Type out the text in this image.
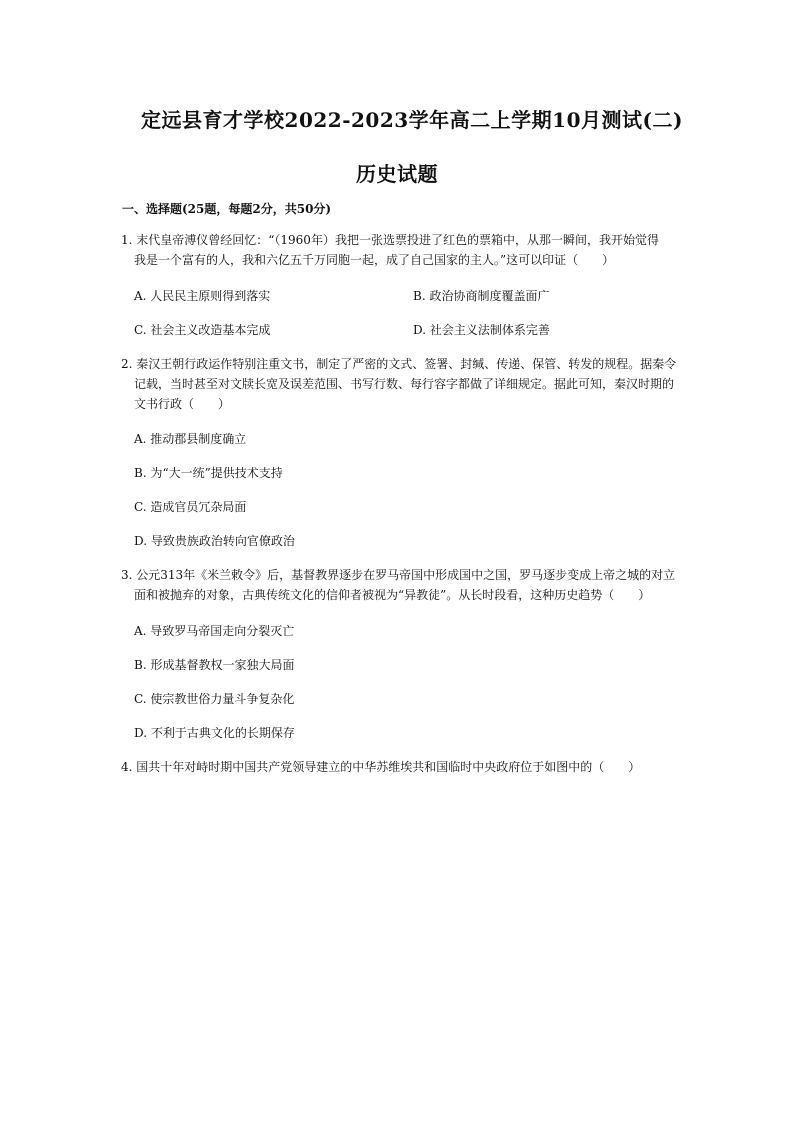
定远县育才学校2022-2023学年高二上学期10月测试(二)
历史试题
一、选择题(25题，每题2分，共50分)
1. 末代皇帝溥仪曾经回忆：“（1960年）我把一张选票投进了红色的票箱中，从那一瞬间，我开始觉得
我是一个富有的人，我和六亿五千万同胞一起，成了自己国家的主人。”这可以印证（　　）
A. 人民民主原则得到落实	B. 政治协商制度覆盖面广
C. 社会主义改造基本完成	D. 社会主义法制体系完善
2. 秦汉王朝行政运作特别注重文书，制定了严密的文式、签署、封缄、传递、保管、转发的规程。据秦令
记载，当时甚至对文牍长宽及误差范围、书写行数、每行容字都做了详细规定。据此可知，秦汉时期的
文书行政（　　）
A. 推动郡县制度确立
B. 为“大一统”提供技术支持
C. 造成官员冗杂局面
D. 导致贵族政治转向官僚政治
3. 公元313年《米兰敕令》后，基督教界逐步在罗马帝国中形成国中之国，罗马逐步变成上帝之城的对立
面和被抛弃的对象，古典传统文化的信仰者被视为“异教徒”。从长时段看，这种历史趋势（　　）
A. 导致罗马帝国走向分裂灭亡
B. 形成基督教权一家独大局面
C. 使宗教世俗力量斗争复杂化
D. 不利于古典文化的长期保存
4. 国共十年对峙时期中国共产党领导建立的中华苏维埃共和国临时中央政府位于如图中的（　　）
